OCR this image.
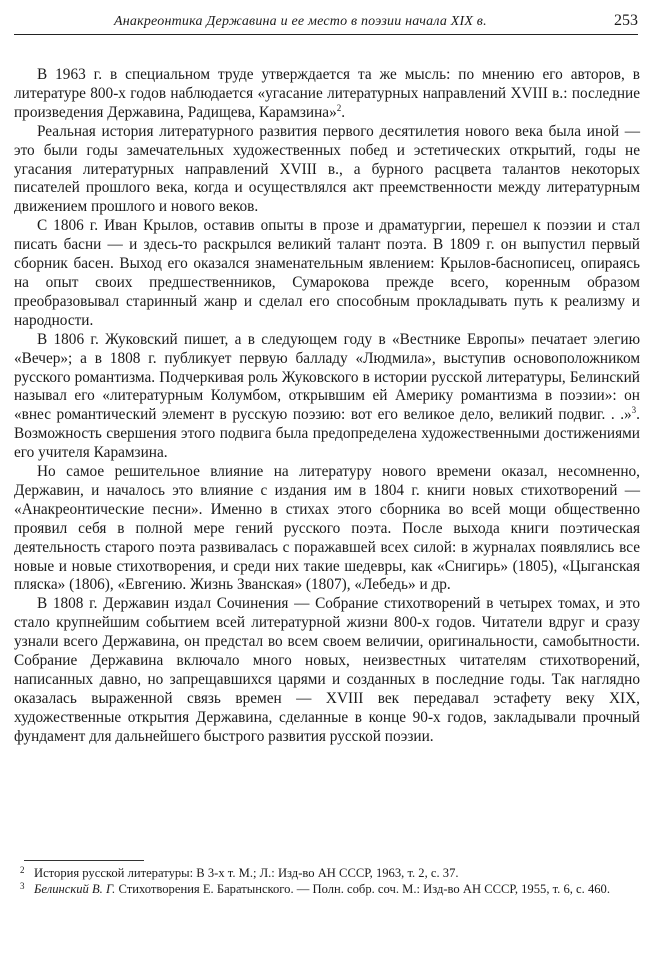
Анакреонтика Державина и ее место в поэзии начала XIX в.	253

В 1963 г. в специальном труде утверждается та же мысль: по мнению его авторов, в литературе 800-х годов наблюдается «угасание литературных направлений XVIII в.: последние произведения Державина, Радищева, Карамзина»$^2$.

Реальная история литературного развития первого десятилетия нового века была иной — это были годы замечательных художественных побед и эстетических открытий, годы не угасания литературных направлений XVIII в., а бурного расцвета талантов некоторых писателей прошлого века, когда и осуществлялся акт преемственности между литературным движением прошлого и нового веков.

С 1806 г. Иван Крылов, оставив опыты в прозе и драматургии, перешел к поэзии и стал писать басни — и здесь-то раскрылся великий талант поэта. В 1809 г. он выпустил первый сборник басен. Выход его оказался знаменательным явлением: Крылов-баснописец, опираясь на опыт своих предшественников, Сумарокова прежде всего, коренным образом преобразовывал старинный жанр и сделал его способным прокладывать путь к реализму и народности.

В 1806 г. Жуковский пишет, а в следующем году в «Вестнике Европы» печатает элегию «Вечер»; а в 1808 г. публикует первую балладу «Людмила», выступив основоположником русского романтизма. Подчеркивая роль Жуковского в истории русской литературы, Белинский называл его «литературным Колумбом, открывшим ей Америку романтизма в поэзии»: он «внес романтический элемент в русскую поэзию: вот его великое дело, великий подвиг. . .»$^3$. Возможность свершения этого подвига была предопределена художественными достижениями его учителя Карамзина.

Но самое решительное влияние на литературу нового времени оказал, несомненно, Державин, и началось это влияние с издания им в 1804 г. книги новых стихотворений — «Анакреонтические песни». Именно в стихах этого сборника во всей мощи общественно проявил себя в полной мере гений русского поэта. После выхода книги поэтическая деятельность старого поэта развивалась с поражавшей всех силой: в журналах появлялись все новые и новые стихотворения, и среди них такие шедевры, как «Снигирь» (1805), «Цыганская пляска» (1806), «Евгению. Жизнь Званская» (1807), «Лебедь» и др.

В 1808 г. Державин издал Сочинения — Собрание стихотворений в четырех томах, и это стало крупнейшим событием всей литературной жизни 800-х годов. Читатели вдруг и сразу узнали всего Державина, он предстал во всем своем величии, оригинальности, самобытности. Собрание Державина включало много новых, неизвестных читателям стихотворений, написанных давно, но запрещавшихся царями и созданных в последние годы. Так наглядно оказалась выраженной связь времен — XVIII век передавал эстафету веку XIX, художественные открытия Державина, сделанные в конце 90-х годов, закладывали прочный фундамент для дальнейшего быстрого развития русской поэзии.

2 История русской литературы: В 3-х т. М.; Л.: Изд-во АН СССР, 1963, т. 2, с. 37.
3 Белинский В. Г. Стихотворения Е. Баратынского. — Полн. собр. соч. М.: Изд-во АН СССР, 1955, т. 6, с. 460.
